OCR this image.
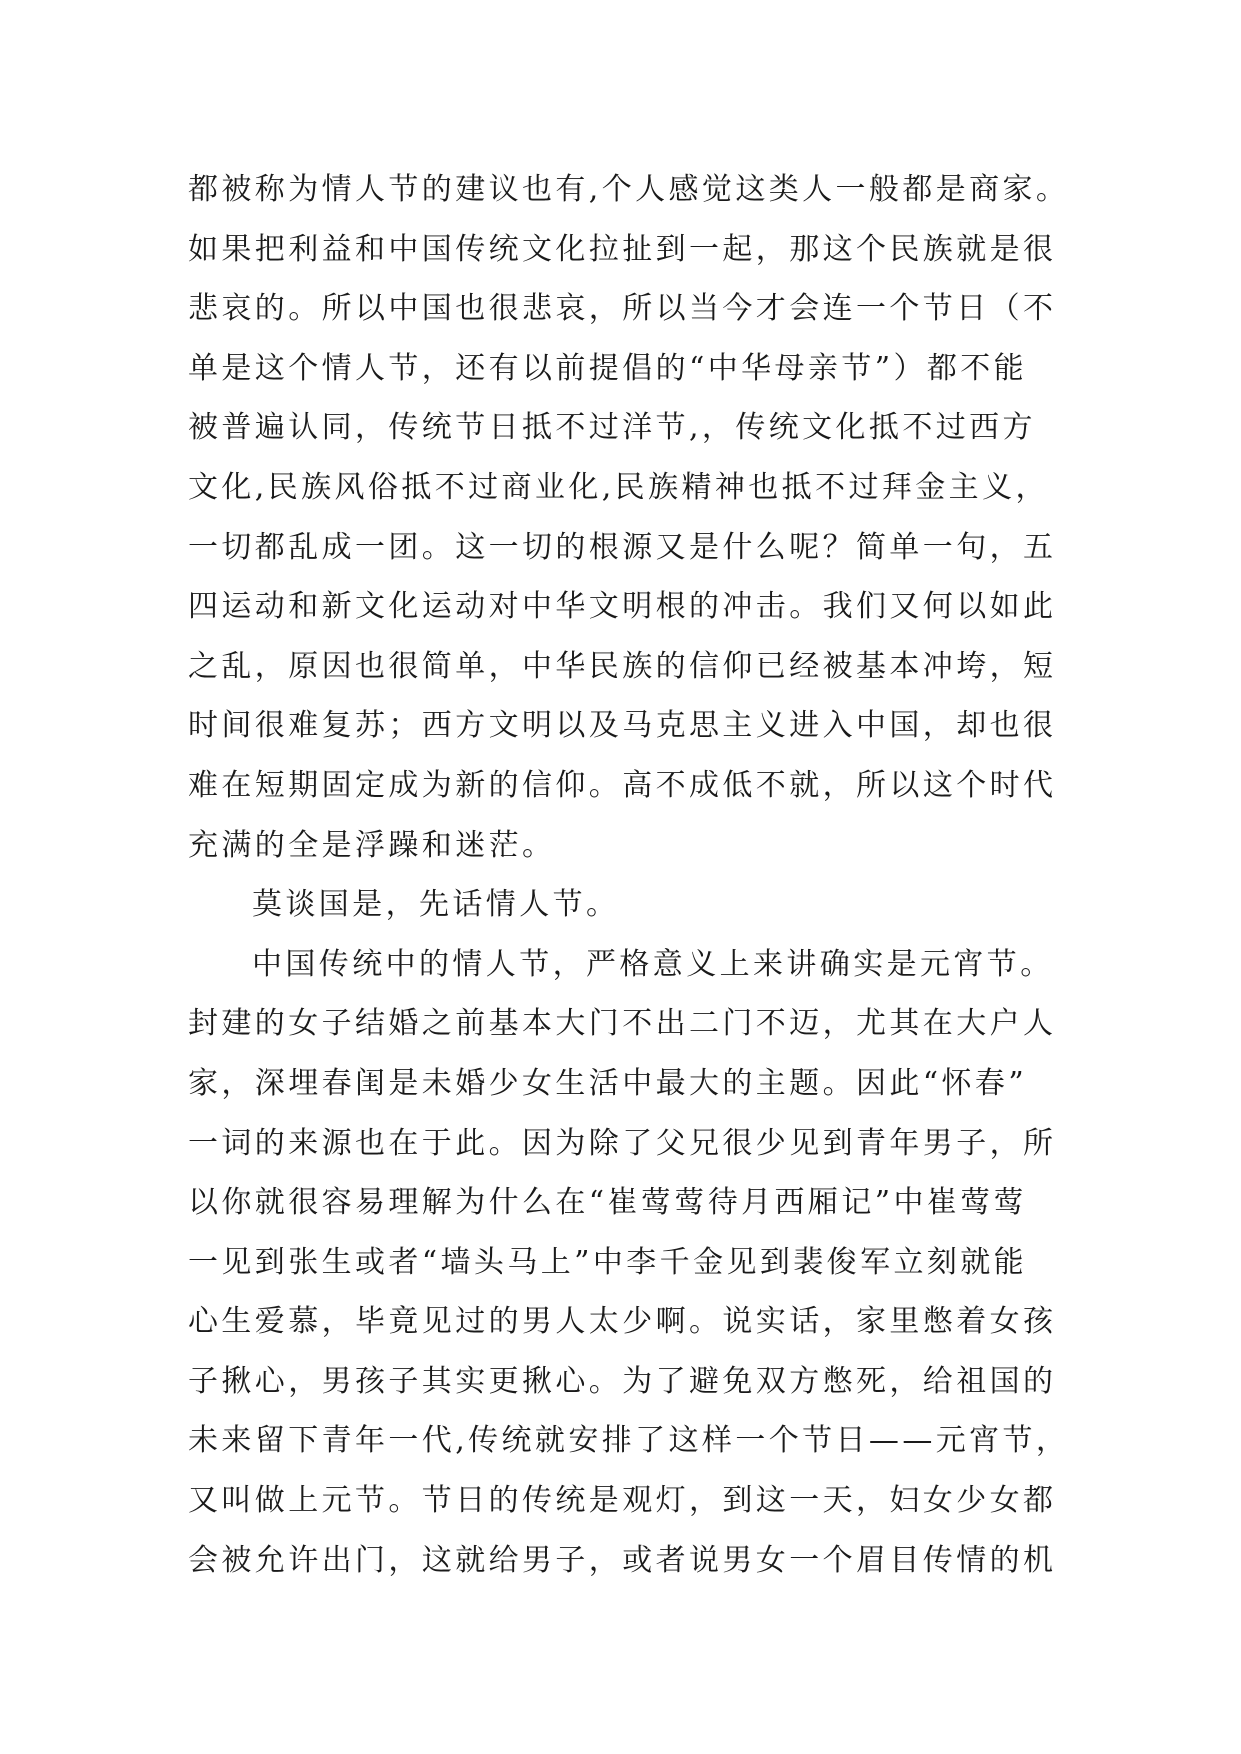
都被称为情人节的建议也有,个人感觉这类人一般都是商家。
如果把利益和中国传统文化拉扯到一起，那这个民族就是很
悲哀的。所以中国也很悲哀，所以当今才会连一个节日（不
单是这个情人节，还有以前提倡的“中华母亲节”）都不能
被普遍认同，传统节日抵不过洋节,，传统文化抵不过西方
文化,民族风俗抵不过商业化,民族精神也抵不过拜金主义，
一切都乱成一团。这一切的根源又是什么呢？简单一句，五
四运动和新文化运动对中华文明根的冲击。我们又何以如此
之乱，原因也很简单，中华民族的信仰已经被基本冲垮，短
时间很难复苏；西方文明以及马克思主义进入中国，却也很
难在短期固定成为新的信仰。高不成低不就，所以这个时代
充满的全是浮躁和迷茫。
莫谈国是，先话情人节。
中国传统中的情人节，严格意义上来讲确实是元宵节。
封建的女子结婚之前基本大门不出二门不迈，尤其在大户人
家，深埋春闺是未婚少女生活中最大的主题。因此“怀春”
一词的来源也在于此。因为除了父兄很少见到青年男子，所
以你就很容易理解为什么在“崔莺莺待月西厢记”中崔莺莺
一见到张生或者“墙头马上”中李千金见到裴俊军立刻就能
心生爱慕，毕竟见过的男人太少啊。说实话，家里憋着女孩
子揪心，男孩子其实更揪心。为了避免双方憋死，给祖国的
未来留下青年一代,传统就安排了这样一个节日——元宵节，
又叫做上元节。节日的传统是观灯，到这一天，妇女少女都
会被允许出门，这就给男子，或者说男女一个眉目传情的机
